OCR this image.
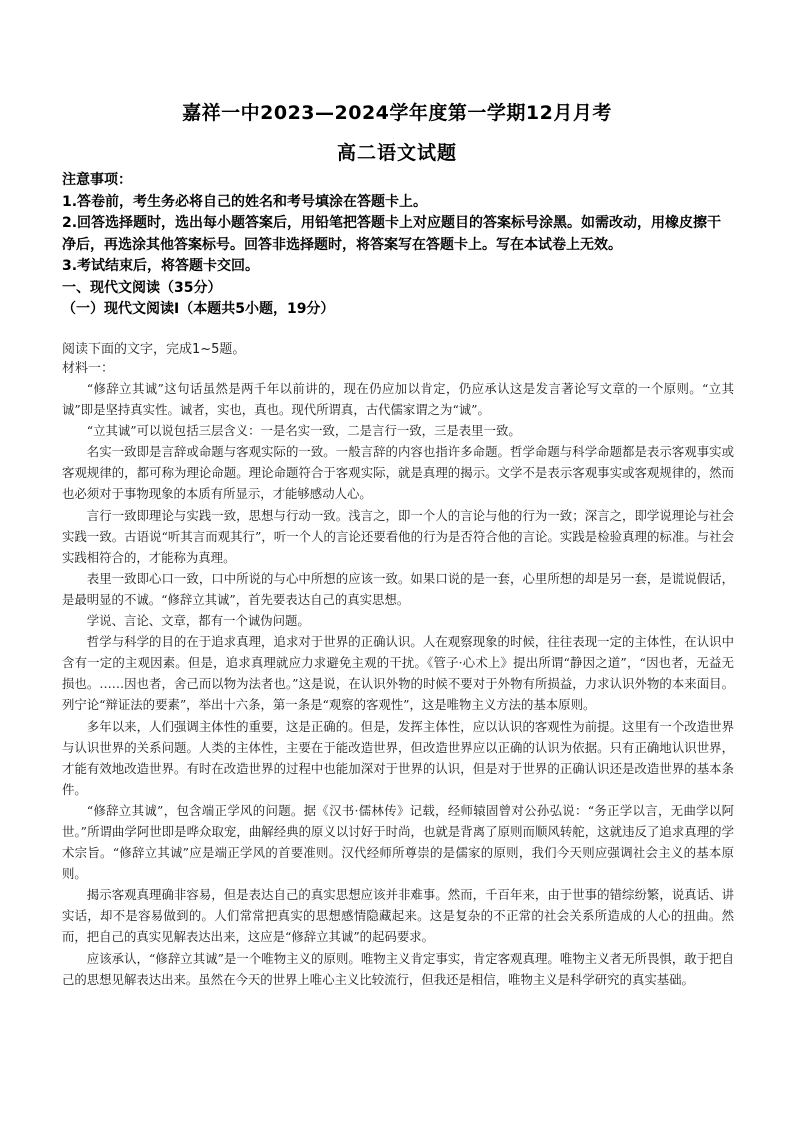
嘉祥一中2023—2024学年度第一学期12月月考
高二语文试题

注意事项：

1.答卷前，考生务必将自己的姓名和考号填涂在答题卡上。

2.回答选择题时，选出每小题答案后，用铅笔把答题卡上对应题目的答案标号涂黑。如需改动，用橡皮擦干净后，再选涂其他答案标号。回答非选择题时，将答案写在答题卡上。写在本试卷上无效。

3.考试结束后，将答题卡交回。

一、现代文阅读（35分）

（一）现代文阅读Ⅰ（本题共5小题，19分）

阅读下面的文字，完成1~5题。

材料一：

“修辞立其诚”这句话虽然是两千年以前讲的，现在仍应加以肯定，仍应承认这是发言著论写文章的一个原则。“立其诚”即是坚持真实性。诚者，实也，真也。现代所谓真，古代儒家谓之为“诚”。

“立其诚”可以说包括三层含义：一是名实一致，二是言行一致，三是表里一致。

名实一致即是言辞或命题与客观实际的一致。一般言辞的内容也指许多命题。哲学命题与科学命题都是表示客观事实或客观规律的，都可称为理论命题。理论命题符合于客观实际，就是真理的揭示。文学不是表示客观事实或客观规律的，然而也必须对于事物现象的本质有所显示，才能够感动人心。

言行一致即理论与实践一致，思想与行动一致。浅言之，即一个人的言论与他的行为一致；深言之，即学说理论与社会实践一致。古语说“听其言而观其行”，听一个人的言论还要看他的行为是否符合他的言论。实践是检验真理的标准。与社会实践相符合的，才能称为真理。

表里一致即心口一致，口中所说的与心中所想的应该一致。如果口说的是一套，心里所想的却是另一套，是谎说假话，是最明显的不诚。“修辞立其诚”，首先要表达自己的真实思想。

学说、言论、文章，都有一个诚伪问题。

哲学与科学的目的在于追求真理，追求对于世界的正确认识。人在观察现象的时候，往往表现一定的主体性，在认识中含有一定的主观因素。但是，追求真理就应力求避免主观的干扰。《管子·心术上》提出所谓“静因之道”，“因也者，无益无损也。……因也者，舍己而以物为法者也。”这是说，在认识外物的时候不要对于外物有所损益，力求认识外物的本来面目。列宁论“辩证法的要素”，举出十六条，第一条是“观察的客观性”，这是唯物主义方法的基本原则。

多年以来，人们强调主体性的重要，这是正确的。但是，发挥主体性，应以认识的客观性为前提。这里有一个改造世界与认识世界的关系问题。人类的主体性，主要在于能改造世界，但改造世界应以正确的认识为依据。只有正确地认识世界，才能有效地改造世界。有时在改造世界的过程中也能加深对于世界的认识，但是对于世界的正确认识还是改造世界的基本条件。

“修辞立其诚”，包含端正学风的问题。据《汉书·儒林传》记载，经师辕固曾对公孙弘说：“务正学以言，无曲学以阿世。”所谓曲学阿世即是哗众取宠，曲解经典的原义以讨好于时尚，也就是背离了原则而顺风转舵，这就违反了追求真理的学术宗旨。“修辞立其诚”应是端正学风的首要准则。汉代经师所尊崇的是儒家的原则，我们今天则应强调社会主义的基本原则。

揭示客观真理确非容易，但是表达自己的真实思想应该并非难事。然而，千百年来，由于世事的错综纷繁，说真话、讲实话，却不是容易做到的。人们常常把真实的思想感情隐藏起来。这是复杂的不正常的社会关系所造成的人心的扭曲。然而，把自己的真实见解表达出来，这应是“修辞立其诚”的起码要求。

应该承认，“修辞立其诚”是一个唯物主义的原则。唯物主义肯定事实，肯定客观真理。唯物主义者无所畏惧，敢于把自己的思想见解表达出来。虽然在今天的世界上唯心主义比较流行，但我还是相信，唯物主义是科学研究的真实基础。
